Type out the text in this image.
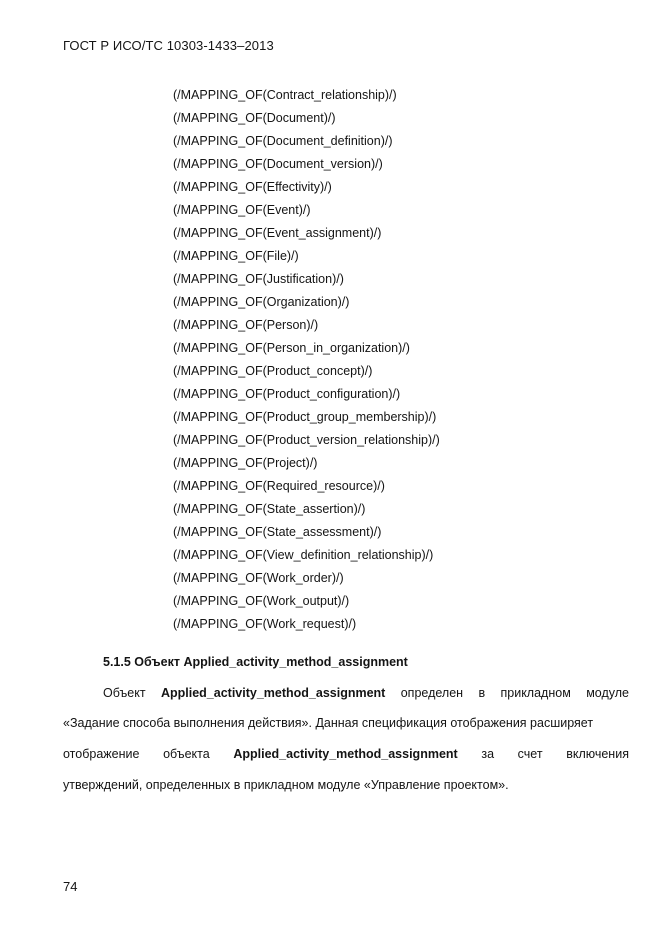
ГОСТ Р ИСО/ТС 10303-1433–2013
(/MAPPING_OF(Contract_relationship)/)
(/MAPPING_OF(Document)/)
(/MAPPING_OF(Document_definition)/)
(/MAPPING_OF(Document_version)/)
(/MAPPING_OF(Effectivity)/)
(/MAPPING_OF(Event)/)
(/MAPPING_OF(Event_assignment)/)
(/MAPPING_OF(File)/)
(/MAPPING_OF(Justification)/)
(/MAPPING_OF(Organization)/)
(/MAPPING_OF(Person)/)
(/MAPPING_OF(Person_in_organization)/)
(/MAPPING_OF(Product_concept)/)
(/MAPPING_OF(Product_configuration)/)
(/MAPPING_OF(Product_group_membership)/)
(/MAPPING_OF(Product_version_relationship)/)
(/MAPPING_OF(Project)/)
(/MAPPING_OF(Required_resource)/)
(/MAPPING_OF(State_assertion)/)
(/MAPPING_OF(State_assessment)/)
(/MAPPING_OF(View_definition_relationship)/)
(/MAPPING_OF(Work_order)/)
(/MAPPING_OF(Work_output)/)
(/MAPPING_OF(Work_request)/)
5.1.5 Объект Applied_activity_method_assignment
Объект Applied_activity_method_assignment определен в прикладном модуле
«Задание способа выполнения действия». Данная спецификация отображения расширяет
отображение объекта Applied_activity_method_assignment за счет включения
утверждений, определенных в прикладном модуле «Управление проектом».
74
